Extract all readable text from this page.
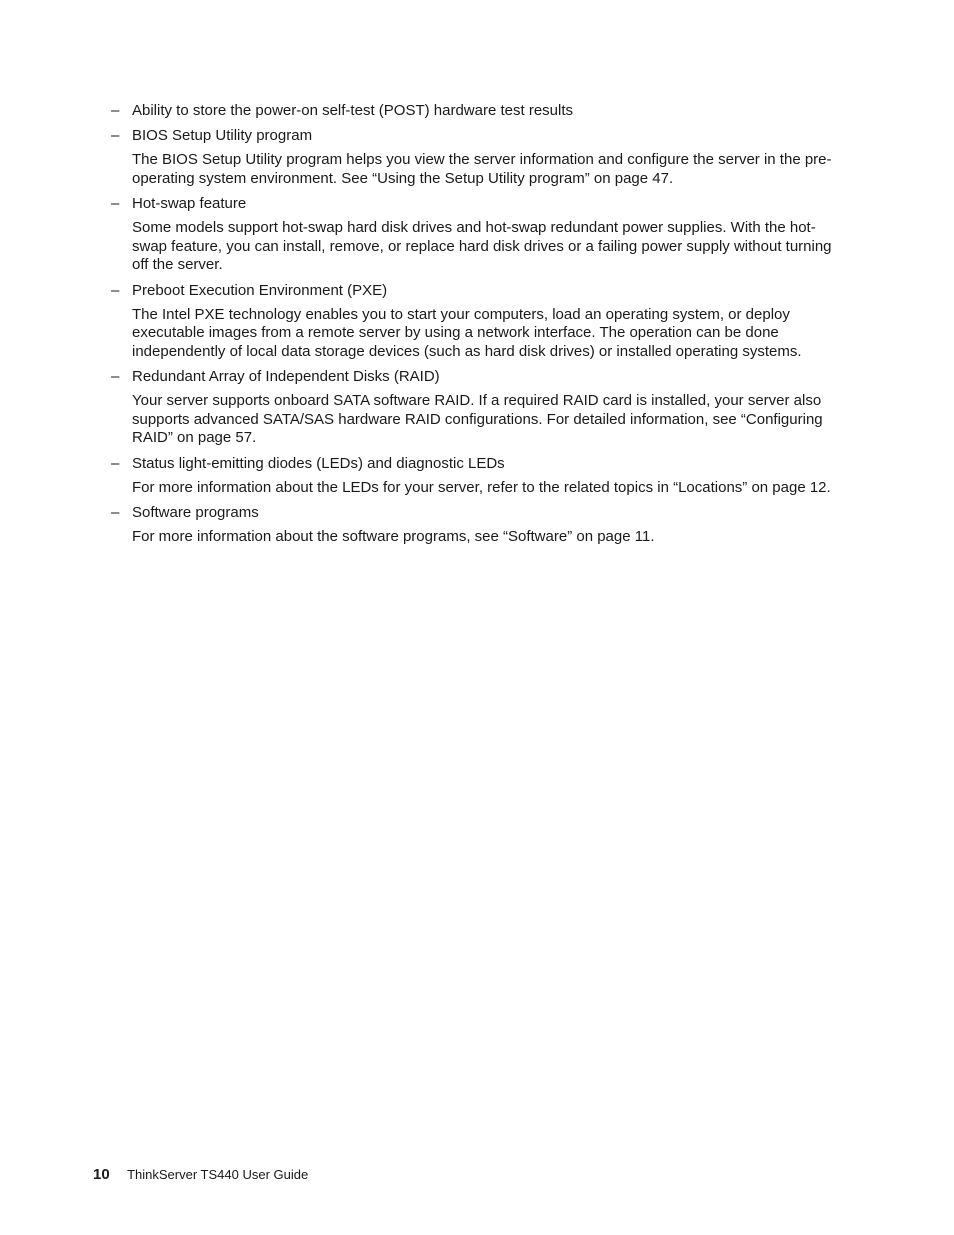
– Ability to store the power-on self-test (POST) hardware test results
– BIOS Setup Utility program
The BIOS Setup Utility program helps you view the server information and configure the server in the pre-operating system environment. See “Using the Setup Utility program” on page 47.
– Hot-swap feature
Some models support hot-swap hard disk drives and hot-swap redundant power supplies. With the hot-swap feature, you can install, remove, or replace hard disk drives or a failing power supply without turning off the server.
– Preboot Execution Environment (PXE)
The Intel PXE technology enables you to start your computers, load an operating system, or deploy executable images from a remote server by using a network interface. The operation can be done independently of local data storage devices (such as hard disk drives) or installed operating systems.
– Redundant Array of Independent Disks (RAID)
Your server supports onboard SATA software RAID. If a required RAID card is installed, your server also supports advanced SATA/SAS hardware RAID configurations. For detailed information, see “Configuring RAID” on page 57.
– Status light-emitting diodes (LEDs) and diagnostic LEDs
For more information about the LEDs for your server, refer to the related topics in “Locations” on page 12.
– Software programs
For more information about the software programs, see “Software” on page 11.
10 ThinkServer TS440 User Guide
